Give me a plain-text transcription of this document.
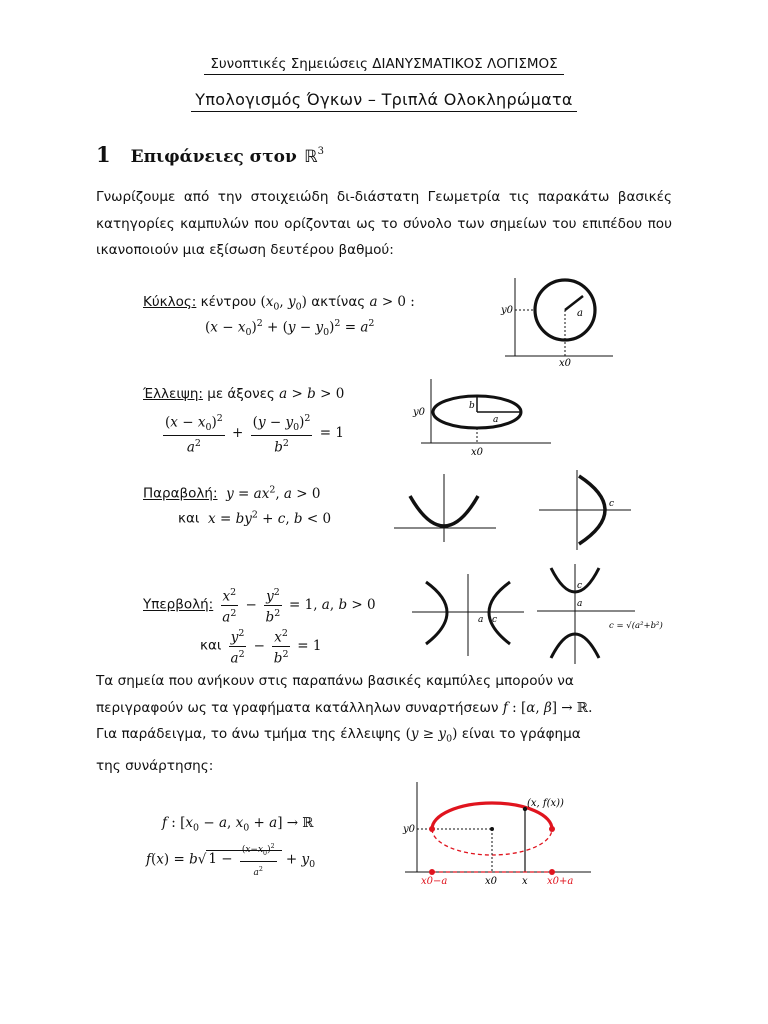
Συνοπτικές Σημειώσεις ΔΙΑΝΥΣΜΑΤΙΚΟΣ ΛΟΓΙΣΜΟΣ
Υπολογισμός Όγκων – Τριπλά Ολοκληρώματα
1 Επιφάνειες στον ℝ$^3$
Γνωρίζουμε από την στοιχειώδη δι-διάστατη Γεωμετρία τις παρακάτω βασικές κατηγορίες καμπυλών που ορίζονται ως το σύνολο των σημείων του επιπέδου που ικανοποιούν μια εξίσωση δευτέρου βαθμού:
Κύκλος: κέντρου ($x_0$, $y_0$) ακτίνας a > 0 :
$(x - x_0)^2 + (y - y_0)^2 = a^2$
y0
x0
a
Έλλειψη: με άξονες a > b > 0
$\frac{(x - x_0)^2}{a^2} + \frac{(y - y_0)^2}{b^2} = 1$
y0
x0
b
a
Παραβολή: $y = ax^2$, a > 0
και $x = by^2 + c$, b < 0
c
Υπερβολή: $\frac{x^2}{a^2} - \frac{y^2}{b^2} = 1$, a, b > 0
και $\frac{y^2}{a^2} - \frac{x^2}{b^2} = 1$
a c
c
a
c = √(a²+b²)
Τα σημεία που ανήκουν στις παραπάνω βασικές καμπύλες μπορούν να
περιγραφούν ως τα γραφήματα κατάλληλων συναρτήσεων f : [α, β] → ℝ.
Για παράδειγμα, το άνω τμήμα της έλλειψης $(y \ge y_0)$ είναι το γράφημα
της συνάρτησης:
f : [$x_0 - a$, $x_0 + a$] → ℝ
f(x) = b√ $1 - \frac{(x-x_0)^2}{a^2} + y_0$
y0
(x, f(x))
x0−a	x0 x x0+a
